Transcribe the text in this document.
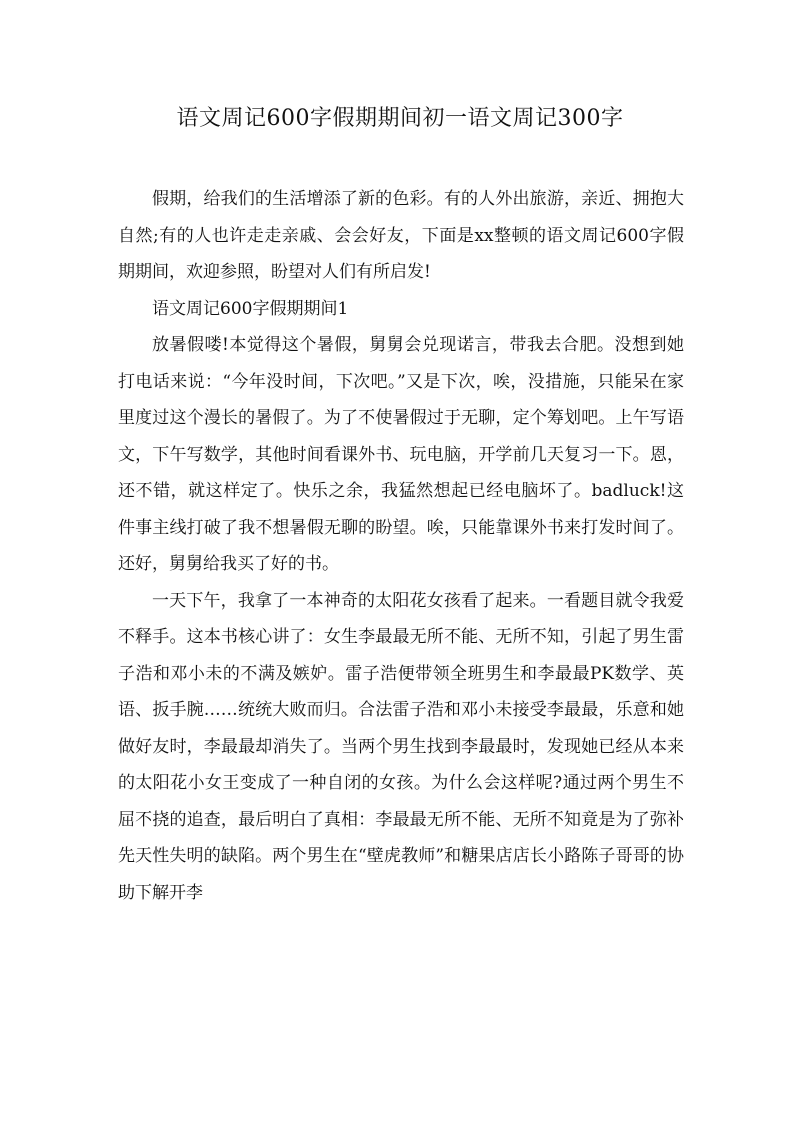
语文周记600字假期期间初一语文周记300字

假期，给我们的生活增添了新的色彩。有的人外出旅游，亲近、拥抱大自然;有的人也许走走亲戚、会会好友，下面是xx整顿的语文周记600字假期期间，欢迎参照，盼望对人们有所启发!

语文周记600字假期期间1

放暑假喽!本觉得这个暑假，舅舅会兑现诺言，带我去合肥。没想到她打电话来说：“今年没时间，下次吧。”又是下次，唉，没措施，只能呆在家里度过这个漫长的暑假了。为了不使暑假过于无聊，定个筹划吧。上午写语文，下午写数学，其他时间看课外书、玩电脑，开学前几天复习一下。恩，还不错，就这样定了。快乐之余，我猛然想起已经电脑坏了。badluck!这件事主线打破了我不想暑假无聊的盼望。唉，只能靠课外书来打发时间了。还好，舅舅给我买了好的书。

一天下午，我拿了一本神奇的太阳花女孩看了起来。一看题目就令我爱不释手。这本书核心讲了：女生李最最无所不能、无所不知，引起了男生雷子浩和邓小未的不满及嫉妒。雷子浩便带领全班男生和李最最PK数学、英语、扳手腕……统统大败而归。合法雷子浩和邓小未接受李最最，乐意和她做好友时，李最最却消失了。当两个男生找到李最最时，发现她已经从本来的太阳花小女王变成了一种自闭的女孩。为什么会这样呢?通过两个男生不屈不挠的追查，最后明白了真相：李最最无所不能、无所不知竟是为了弥补先天性失明的缺陷。两个男生在“壁虎教师”和糖果店店长小路陈子哥哥的协助下解开李
